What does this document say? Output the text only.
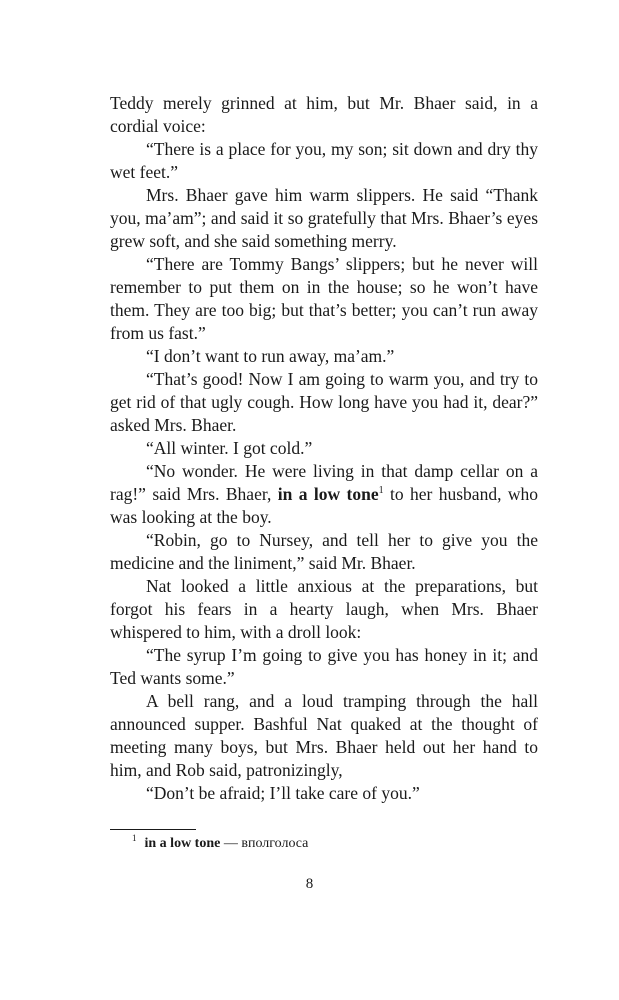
Teddy merely grinned at him, but Mr. Bhaer said, in a cordial voice:

“There is a place for you, my son; sit down and dry thy wet feet.”

Mrs. Bhaer gave him warm slippers. He said “Thank you, ma’am”; and said it so gratefully that Mrs. Bhaer’s eyes grew soft, and she said something merry.

“There are Tommy Bangs’ slippers; but he never will remember to put them on in the house; so he won’t have them. They are too big; but that’s better; you can’t run away from us fast.”

“I don’t want to run away, ma’am.”

“That’s good! Now I am going to warm you, and try to get rid of that ugly cough. How long have you had it, dear?” asked Mrs. Bhaer.

“All winter. I got cold.”

“No wonder. He were living in that damp cellar on a rag!” said Mrs. Bhaer, in a low tone$^1$ to her husband, who was looking at the boy.

“Robin, go to Nursey, and tell her to give you the medicine and the liniment,” said Mr. Bhaer.

Nat looked a little anxious at the preparations, but forgot his fears in a hearty laugh, when Mrs. Bhaer whispered to him, with a droll look:

“The syrup I’m going to give you has honey in it; and Ted wants some.”

A bell rang, and a loud tramping through the hall announced supper. Bashful Nat quaked at the thought of meeting many boys, but Mrs. Bhaer held out her hand to him, and Rob said, patronizingly,

“Don’t be afraid; I’ll take care of you.”

$^1$ in a low tone — вполголоса
8
